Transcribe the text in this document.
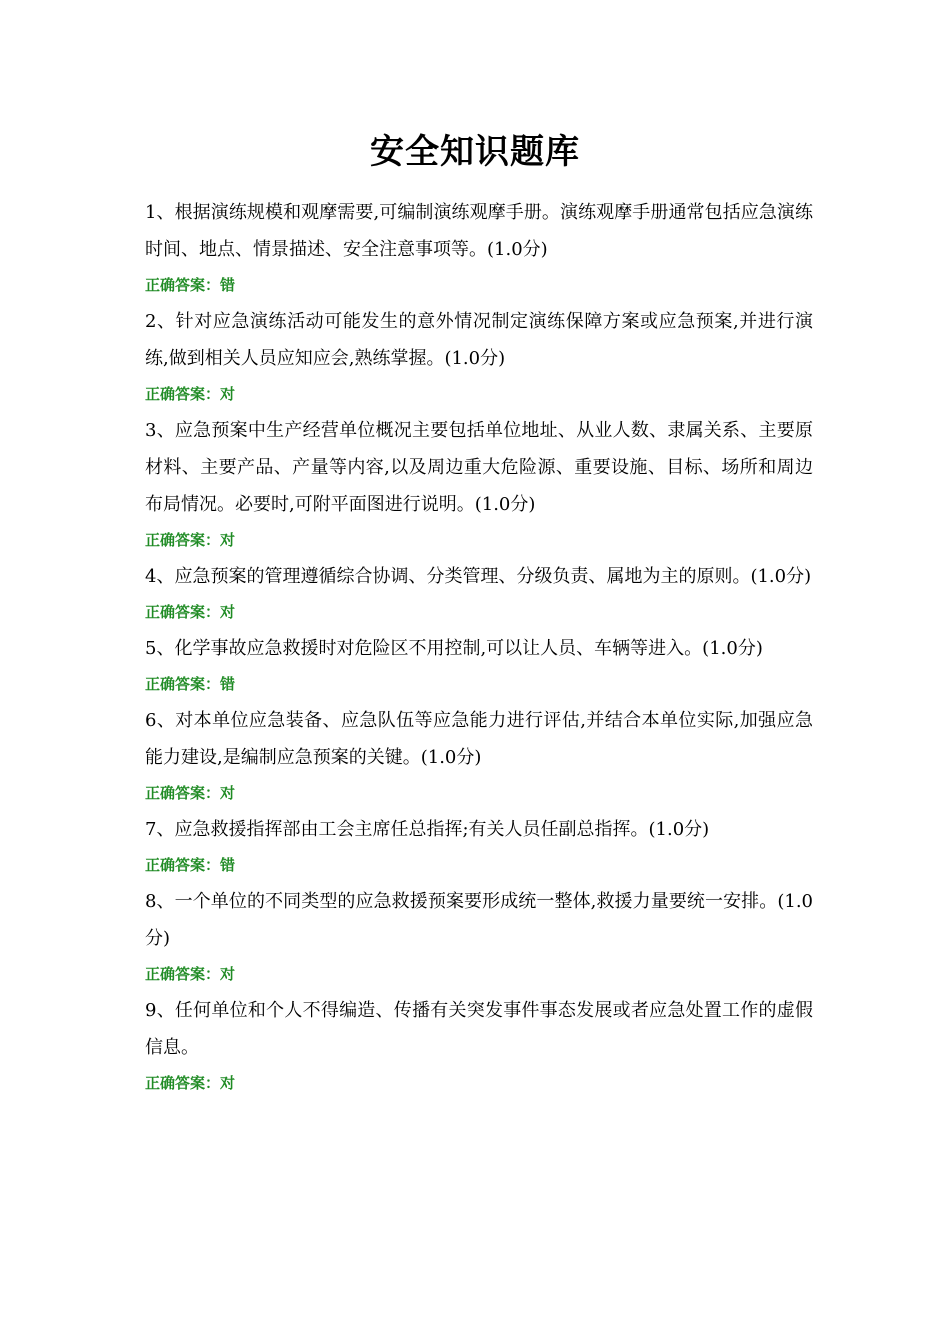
安全知识题库

1、根据演练规模和观摩需要,可编制演练观摩手册。演练观摩手册通常包括应急演练时间、地点、情景描述、安全注意事项等。(1.0分)

正确答案：错

2、针对应急演练活动可能发生的意外情况制定演练保障方案或应急预案,并进行演练,做到相关人员应知应会,熟练掌握。(1.0分)

正确答案：对

3、应急预案中生产经营单位概况主要包括单位地址、从业人数、隶属关系、主要原材料、主要产品、产量等内容,以及周边重大危险源、重要设施、目标、场所和周边布局情况。必要时,可附平面图进行说明。(1.0分)

正确答案：对

4、应急预案的管理遵循综合协调、分类管理、分级负责、属地为主的原则。(1.0分)

正确答案：对

5、化学事故应急救援时对危险区不用控制,可以让人员、车辆等进入。(1.0分)

正确答案：错

6、对本单位应急装备、应急队伍等应急能力进行评估,并结合本单位实际,加强应急能力建设,是编制应急预案的关键。(1.0分)

正确答案：对

7、应急救援指挥部由工会主席任总指挥;有关人员任副总指挥。(1.0分)

正确答案：错

8、一个单位的不同类型的应急救援预案要形成统一整体,救援力量要统一安排。(1.0分)

正确答案：对

9、任何单位和个人不得编造、传播有关突发事件事态发展或者应急处置工作的虚假信息。

正确答案：对
